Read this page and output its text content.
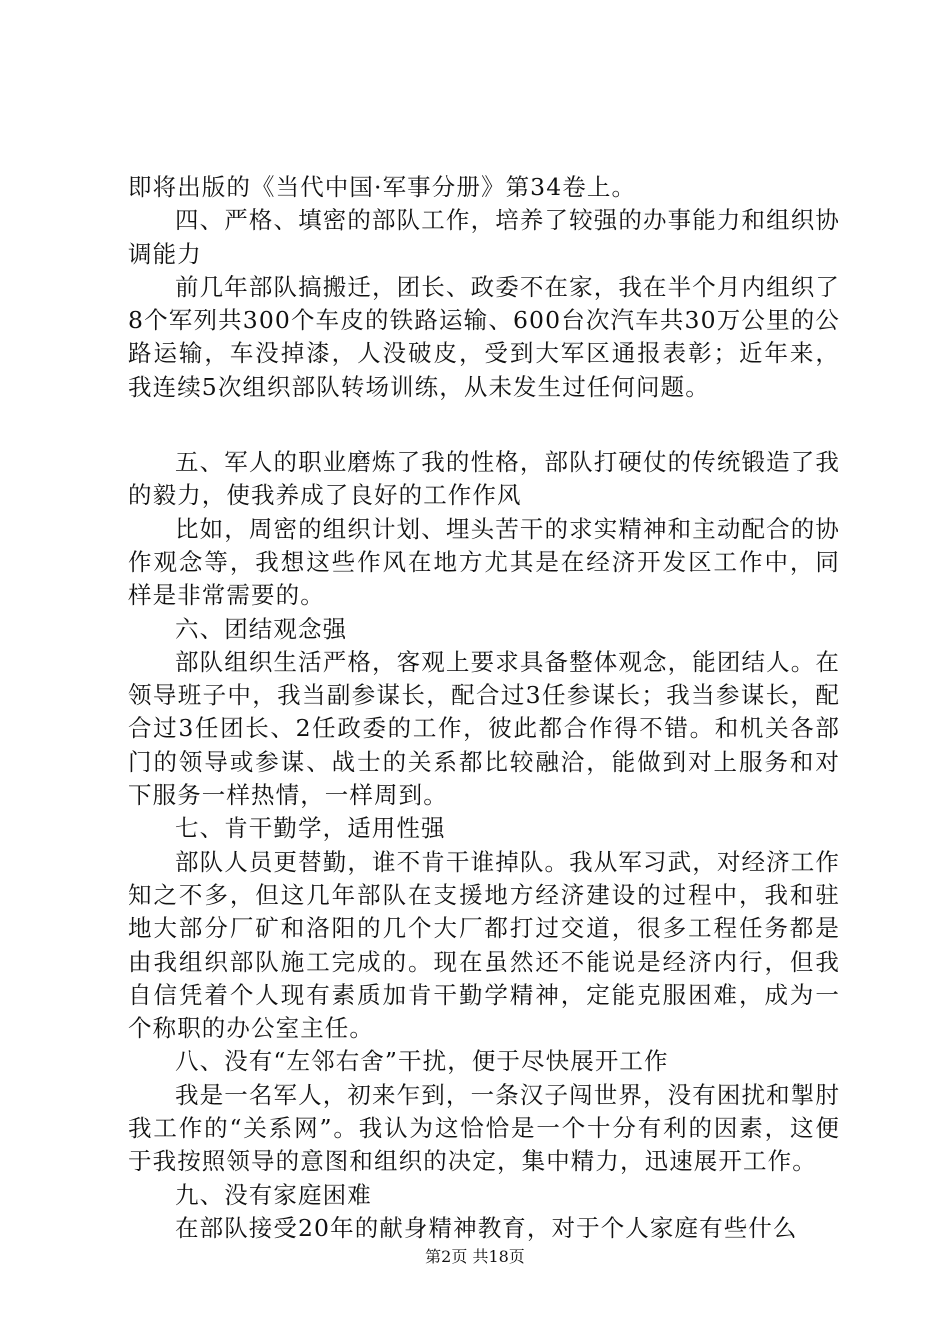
即将出版的《当代中国·军事分册》第34卷上。

四、严格、填密的部队工作，培养了较强的办事能力和组织协调能力

前几年部队搞搬迁，团长、政委不在家，我在半个月内组织了8个军列共300个车皮的铁路运输、600台次汽车共30万公里的公路运输，车没掉漆，人没破皮，受到大军区通报表彰；近年来，我连续5次组织部队转场训练，从未发生过任何问题。

五、军人的职业磨炼了我的性格，部队打硬仗的传统锻造了我的毅力，使我养成了良好的工作作风

比如，周密的组织计划、埋头苦干的求实精神和主动配合的协作观念等，我想这些作风在地方尤其是在经济开发区工作中，同样是非常需要的。

六、团结观念强

部队组织生活严格，客观上要求具备整体观念，能团结人。在领导班子中，我当副参谋长，配合过3任参谋长；我当参谋长，配合过3任团长、2任政委的工作，彼此都合作得不错。和机关各部门的领导或参谋、战士的关系都比较融洽，能做到对上服务和对下服务一样热情，一样周到。

七、肯干勤学，适用性强

部队人员更替勤，谁不肯干谁掉队。我从军习武，对经济工作知之不多，但这几年部队在支援地方经济建设的过程中，我和驻地大部分厂矿和洛阳的几个大厂都打过交道，很多工程任务都是由我组织部队施工完成的。现在虽然还不能说是经济内行，但我自信凭着个人现有素质加肯干勤学精神，定能克服困难，成为一个称职的办公室主任。

八、没有“左邻右舍”干扰，便于尽快展开工作

我是一名军人，初来乍到，一条汉子闯世界，没有困扰和掣肘我工作的“关系网”。我认为这恰恰是一个十分有利的因素，这便于我按照领导的意图和组织的决定，集中精力，迅速展开工作。

九、没有家庭困难

在部队接受20年的献身精神教育，对于个人家庭有些什么

第2页 共18页
